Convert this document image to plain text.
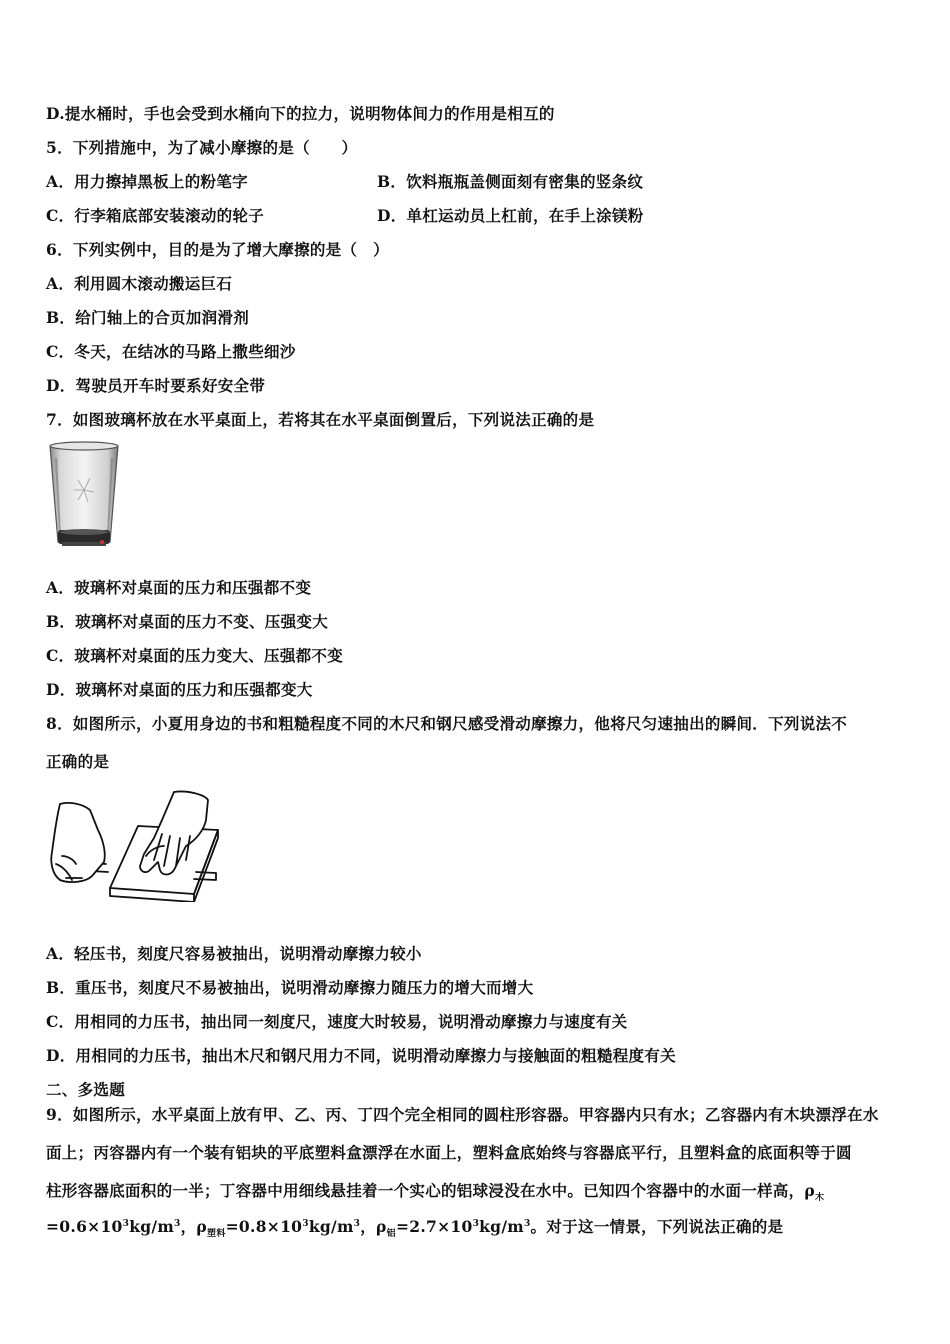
D.提水桶时，手也会受到水桶向下的拉力，说明物体间力的作用是相互的
5．下列措施中，为了减小摩擦的是（　　）
A．用力擦掉黑板上的粉笔字	B．饮料瓶瓶盖侧面刻有密集的竖条纹
C．行李箱底部安装滚动的轮子	D．单杠运动员上杠前，在手上涂镁粉
6．下列实例中，目的是为了增大摩擦的是（　）
A．利用圆木滚动搬运巨石
B．给门轴上的合页加润滑剂
C．冬天，在结冰的马路上撒些细沙
D．驾驶员开车时要系好安全带
7．如图玻璃杯放在水平桌面上，若将其在水平桌面倒置后，下列说法正确的是
A．玻璃杯对桌面的压力和压强都不变
B．玻璃杯对桌面的压力不变、压强变大
C．玻璃杯对桌面的压力变大、压强都不变
D．玻璃杯对桌面的压力和压强都变大
8．如图所示，小夏用身边的书和粗糙程度不同的木尺和钢尺感受滑动摩擦力，他将尺匀速抽出的瞬间．下列说法不
正确的是
A．轻压书，刻度尺容易被抽出，说明滑动摩擦力较小
B．重压书，刻度尺不易被抽出，说明滑动摩擦力随压力的增大而增大
C．用相同的力压书，抽出同一刻度尺，速度大时较易，说明滑动摩擦力与速度有关
D．用相同的力压书，抽出木尺和钢尺用力不同，说明滑动摩擦力与接触面的粗糙程度有关
二、多选题
9．如图所示，水平桌面上放有甲、乙、丙、丁四个完全相同的圆柱形容器。甲容器内只有水；乙容器内有木块漂浮在水
面上；丙容器内有一个装有铝块的平底塑料盒漂浮在水面上，塑料盒底始终与容器底平行，且塑料盒的底面积等于圆
柱形容器底面积的一半；丁容器中用细线悬挂着一个实心的铝球浸没在水中。已知四个容器中的水面一样高，$\rho_木$
$=0.6\times 10^3kg/m^3$，$\rho_{塑料}=0.8\times 10^3kg/m^3$，$\rho_铝=2.7\times 10^3kg/m^3$。对于这一情景，下列说法正确的是
